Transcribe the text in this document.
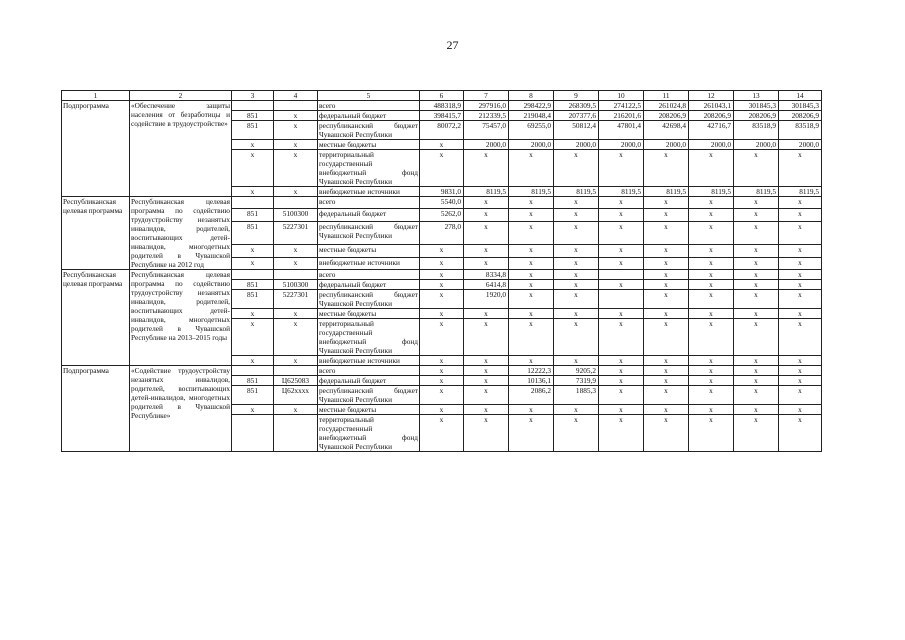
27
1	2	3	4	5	6	7	8	9	10	11	12	13	14
Подпрограмма	«Обеспечение защиты населения от безработицы и содействие в трудоустройстве»			всего	488318,9	297916,0	298422,9	268309,5	274122,5	261024,8	261043,1	301845,3	301845,3
		851	х	федеральный бюджет	398415,7	212339,5	219048,4	207377,6	216201,6	208206,9	208206,9	208206,9	208206,9
		851	х	республиканский бюджет Чувашской Республики	80072,2	75457,0	69255,0	50812,4	47801,4	42698,4	42716,7	83518,9	83518,9
		х	х	местные бюджеты	х	2000,0	2000,0	2000,0	2000,0	2000,0	2000,0	2000,0	2000,0
		х	х	территориальный государственный внебюджетный фонд Чувашской Республики	х	х	х	х	х	х	х	х	х
		х	х	внебюджетные источники	9831,0	8119,5	8119,5	8119,5	8119,5	8119,5	8119,5	8119,5	8119,5
Республиканская целевая программа	Республиканская целевая программа по содействию трудоустройству незанятых инвалидов, родителей, воспитывающих детей-инвалидов, многодетных родителей в Чувашской Республике на 2012 год			всего	5540,0	х	х	х	х	х	х	х	х
		851	5100300	федеральный бюджет	5262,0	х	х	х	х	х	х	х	х
		851	5227301	республиканский бюджет Чувашской Республики	278,0	х	х	х	х	х	х	х	х
		х	х	местные бюджеты	х	х	х	х	х	х	х	х	х
		х	х	внебюджетные источники	х	х	х	х	х	х	х	х	х
Республиканская целевая программа	Республиканская целевая программа по содействию трудоустройству незанятых инвалидов, родителей, воспитывающих детей-инвалидов, многодетных родителей в Чувашской Республике на 2013–2015 годы			всего	х	8334,8	х	х		х	х	х	х
		851	5100300	федеральный бюджет	х	6414,8	х	х	х	х	х	х	х
		851	5227301	республиканский бюджет Чувашской Республики	х	1920,0	х	х		х	х	х	х
		х	х	местные бюджеты	х	х	х	х	х	х	х	х	х
		х	х	территориальный государственный внебюджетный фонд Чувашской Республики	х	х	х	х	х	х	х	х	х
		х	х	внебюджетные источники	х	х	х	х	х	х	х	х	х
Подпрограмма	«Содействие трудоустройству незанятых инвалидов, родителей, воспитывающих детей-инвалидов, многодетных родителей в Чувашской Республике»			всего	х	х	12222,3	9205,2	х	х	х	х	х
		851	Ц625083	федеральный бюджет	х	х	10136,1	7319,9	х	х	х	х	х
		851	Ц62хххх	республиканский бюджет Чувашской Республики	х	х	2086,2	1885,3	х	х	х	х	х
		х	х	местные бюджеты	х	х	х	х	х	х	х	х	х
				территориальный государственный внебюджетный фонд Чувашской Республики	х	х	х	х	х	х	х	х	х
